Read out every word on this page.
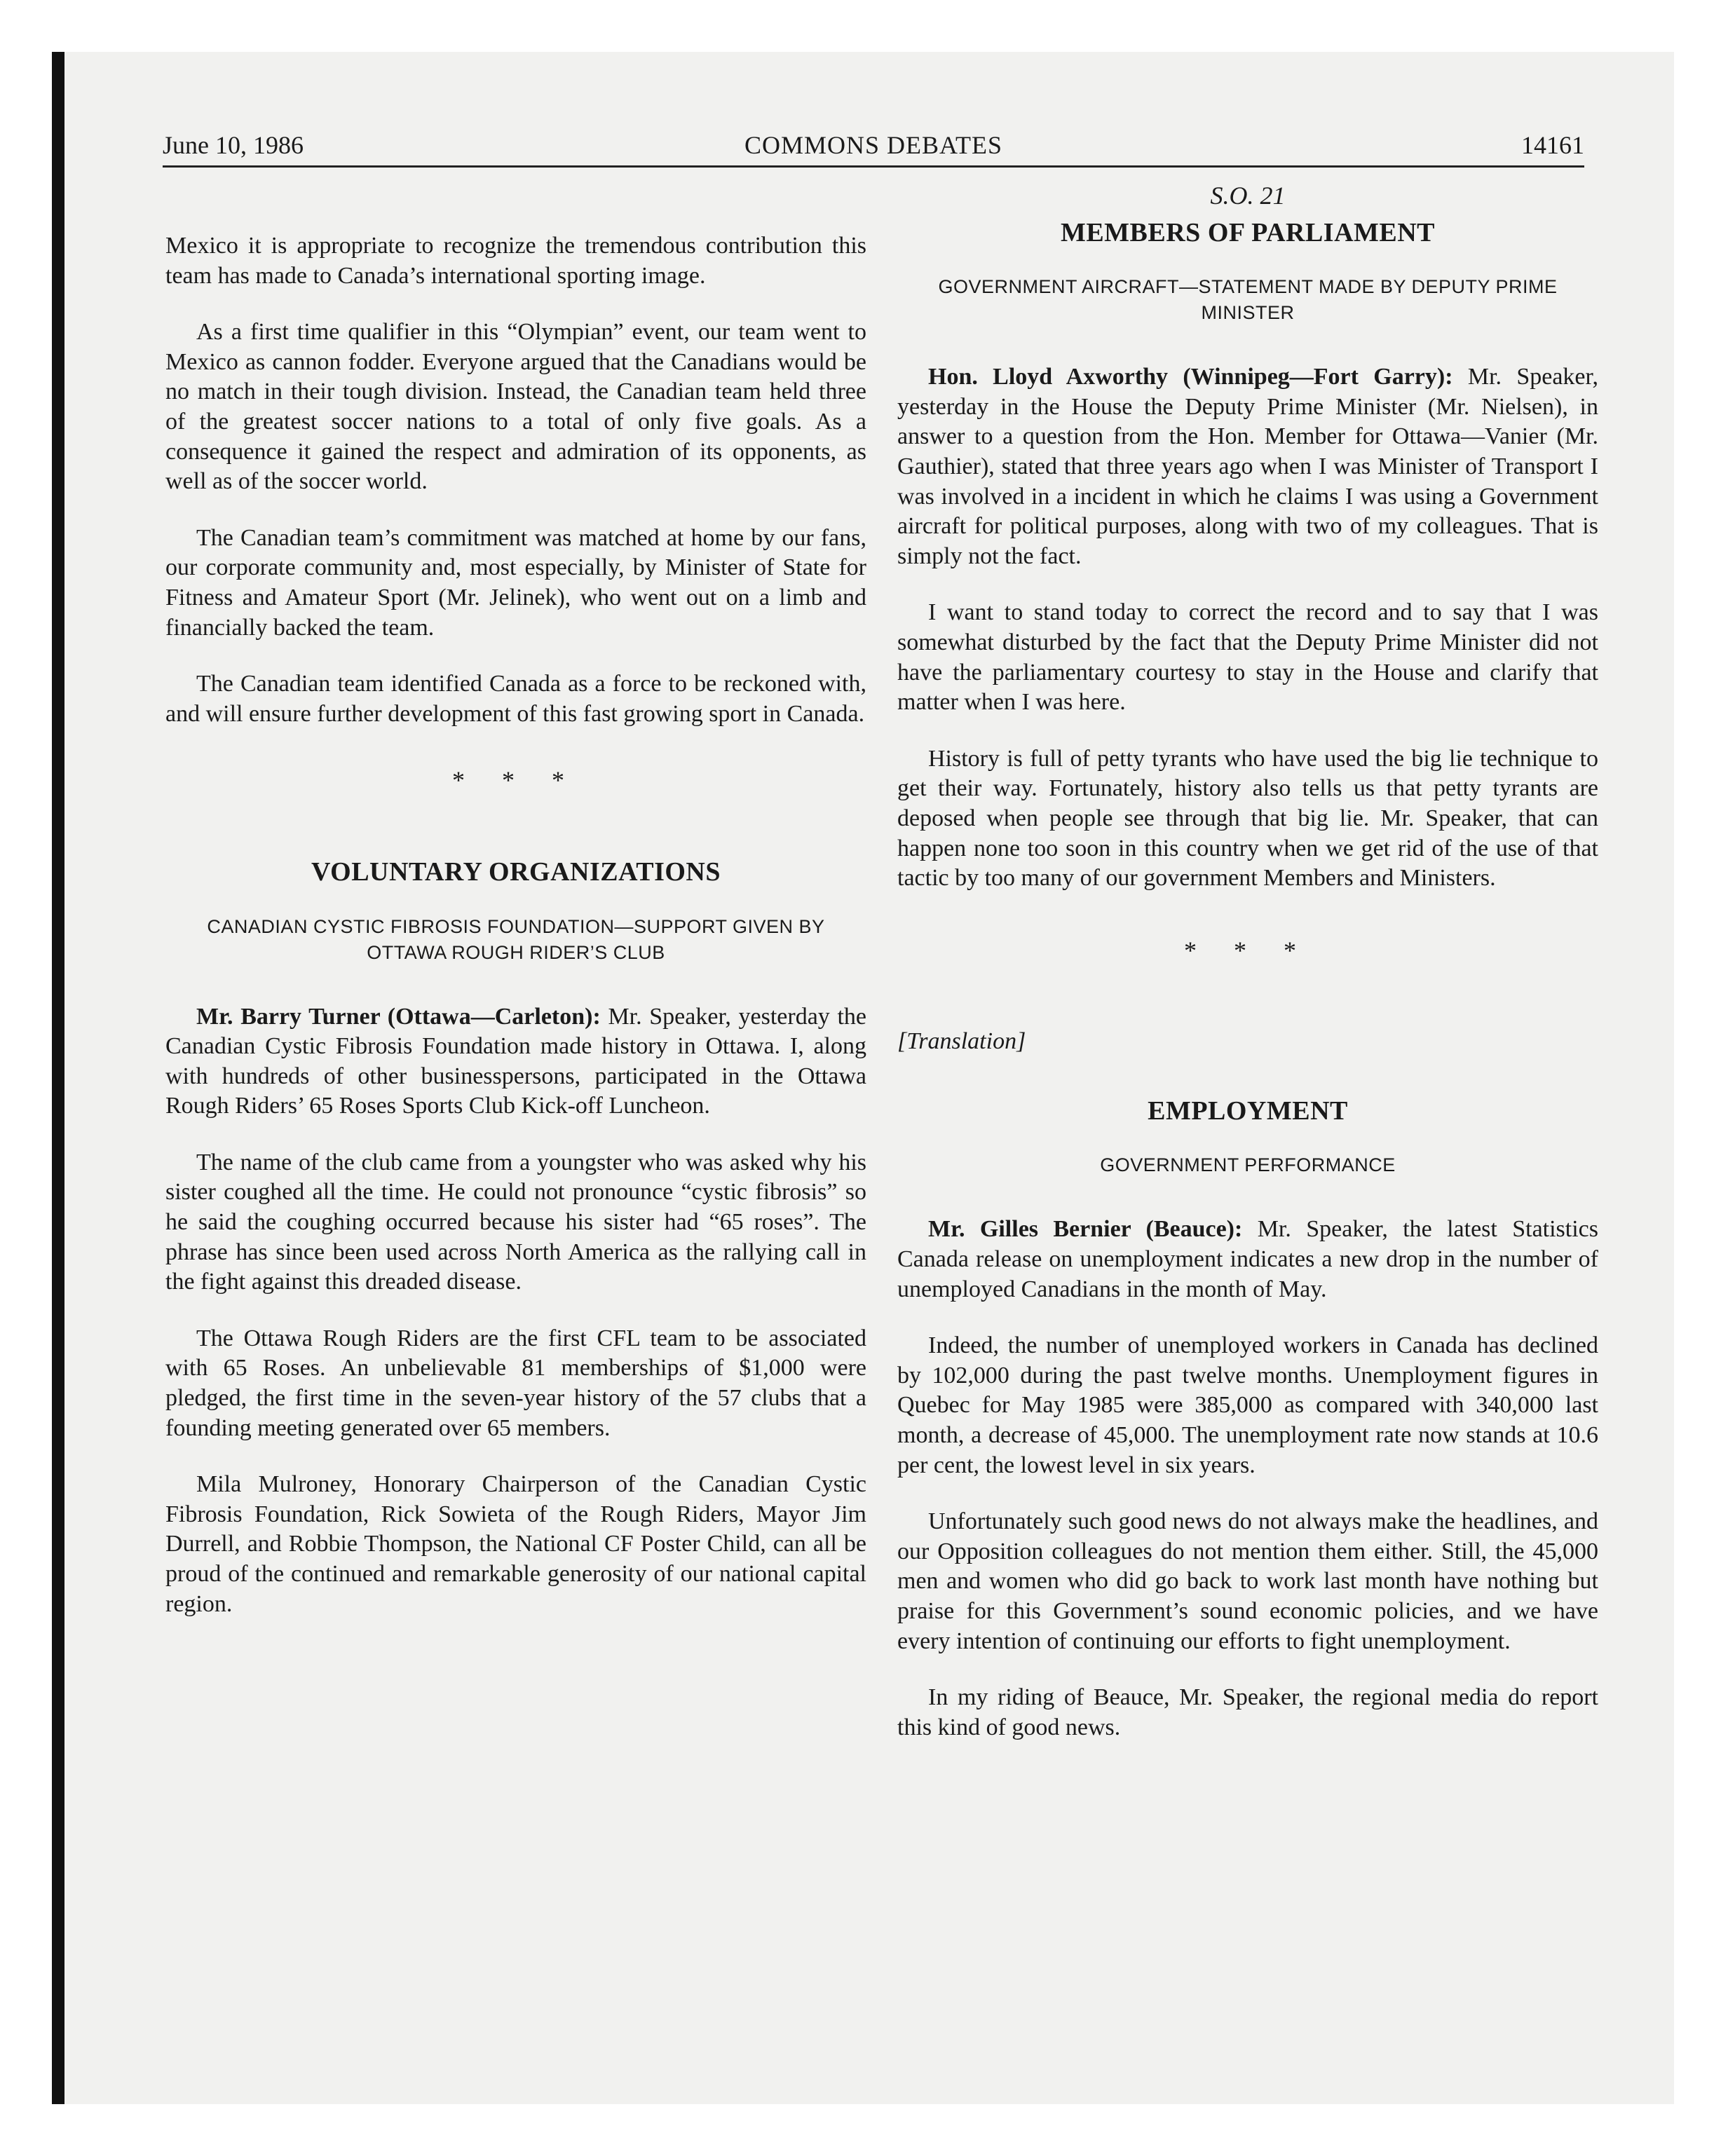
COMMONS DEBATES
June 10, 1986	14161

Mexico it is appropriate to recognize the tremendous contribution this team has made to Canada’s international sporting image.

As a first time qualifier in this “Olympian” event, our team went to Mexico as cannon fodder. Everyone argued that the Canadians would be no match in their tough division. Instead, the Canadian team held three of the greatest soccer nations to a total of only five goals. As a consequence it gained the respect and admiration of its opponents, as well as of the soccer world.

The Canadian team’s commitment was matched at home by our fans, our corporate community and, most especially, by Minister of State for Fitness and Amateur Sport (Mr. Jelinek), who went out on a limb and financially backed the team.

The Canadian team identified Canada as a force to be reckoned with, and will ensure further development of this fast growing sport in Canada.

* * *
VOLUNTARY ORGANIZATIONS
CANADIAN CYSTIC FIBROSIS FOUNDATION—SUPPORT GIVEN BY OTTAWA ROUGH RIDER’S CLUB

Mr. Barry Turner (Ottawa—Carleton): Mr. Speaker, yesterday the Canadian Cystic Fibrosis Foundation made history in Ottawa. I, along with hundreds of other businesspersons, participated in the Ottawa Rough Riders’ 65 Roses Sports Club Kick-off Luncheon.

The name of the club came from a youngster who was asked why his sister coughed all the time. He could not pronounce “cystic fibrosis” so he said the coughing occurred because his sister had “65 roses”. The phrase has since been used across North America as the rallying call in the fight against this dreaded disease.

The Ottawa Rough Riders are the first CFL team to be associated with 65 Roses. An unbelievable 81 memberships of $1,000 were pledged, the first time in the seven-year history of the 57 clubs that a founding meeting generated over 65 members.

Mila Mulroney, Honorary Chairperson of the Canadian Cystic Fibrosis Foundation, Rick Sowieta of the Rough Riders, Mayor Jim Durrell, and Robbie Thompson, the National CF Poster Child, can all be proud of the continued and remarkable generosity of our national capital region.

S.O. 21
MEMBERS OF PARLIAMENT
GOVERNMENT AIRCRAFT—STATEMENT MADE BY DEPUTY PRIME MINISTER

Hon. Lloyd Axworthy (Winnipeg—Fort Garry): Mr. Speaker, yesterday in the House the Deputy Prime Minister (Mr. Nielsen), in answer to a question from the Hon. Member for Ottawa—Vanier (Mr. Gauthier), stated that three years ago when I was Minister of Transport I was involved in a incident in which he claims I was using a Government aircraft for political purposes, along with two of my colleagues. That is simply not the fact.

I want to stand today to correct the record and to say that I was somewhat disturbed by the fact that the Deputy Prime Minister did not have the parliamentary courtesy to stay in the House and clarify that matter when I was here.

History is full of petty tyrants who have used the big lie technique to get their way. Fortunately, history also tells us that petty tyrants are deposed when people see through that big lie. Mr. Speaker, that can happen none too soon in this country when we get rid of the use of that tactic by too many of our government Members and Ministers.

* * *
[Translation]
EMPLOYMENT
GOVERNMENT PERFORMANCE

Mr. Gilles Bernier (Beauce): Mr. Speaker, the latest Statistics Canada release on unemployment indicates a new drop in the number of unemployed Canadians in the month of May.

Indeed, the number of unemployed workers in Canada has declined by 102,000 during the past twelve months. Unemployment figures in Quebec for May 1985 were 385,000 as compared with 340,000 last month, a decrease of 45,000. The unemployment rate now stands at 10.6 per cent, the lowest level in six years.

Unfortunately such good news do not always make the headlines, and our Opposition colleagues do not mention them either. Still, the 45,000 men and women who did go back to work last month have nothing but praise for this Government’s sound economic policies, and we have every intention of continuing our efforts to fight unemployment.

In my riding of Beauce, Mr. Speaker, the regional media do report this kind of good news.
